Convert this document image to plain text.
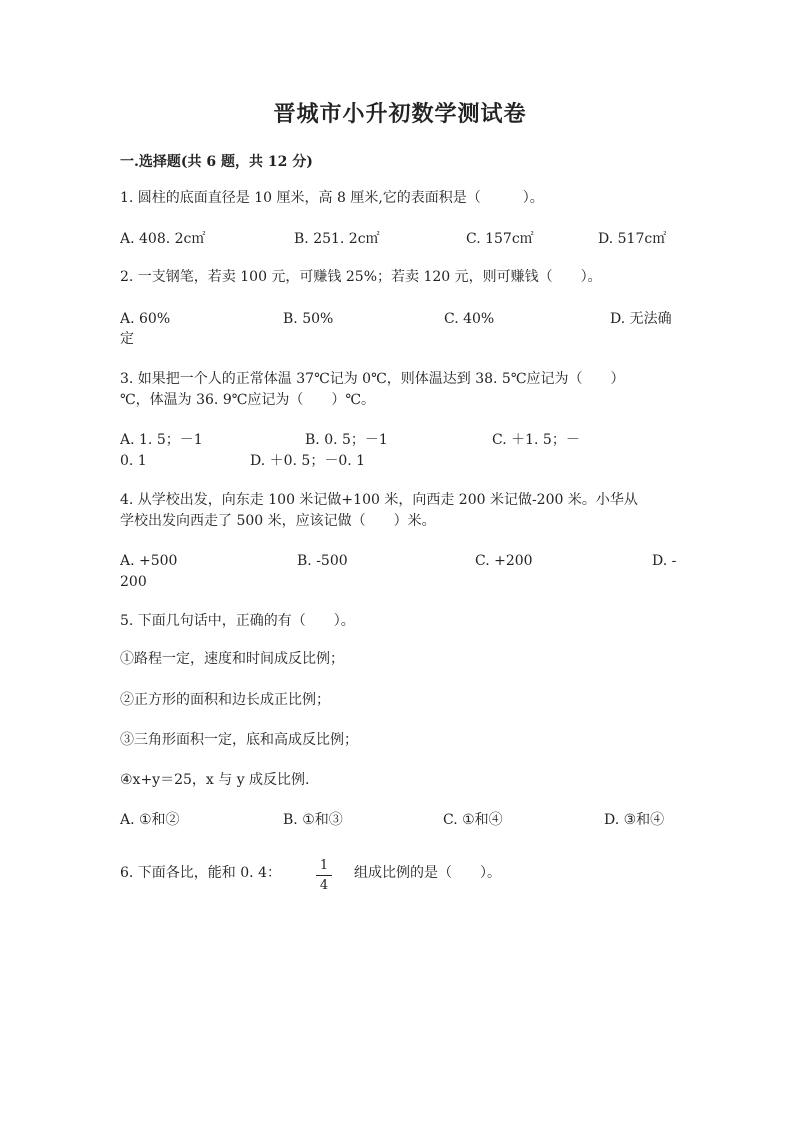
晋城市小升初数学测试卷
一.选择题(共 6 题，共 12 分)
1. 圆柱的底面直径是 10 厘米，高 8 厘米,它的表面积是（　　　）。
A. 408. 2c㎡	B. 251. 2c㎡	C. 157c㎡	D. 517c㎡
2. 一支钢笔，若卖 100 元，可赚钱 25%；若卖 120 元，则可赚钱（　　）。
A. 60%	B. 50%	C. 40%	D. 无法确
定
3. 如果把一个人的正常体温 37℃记为 0℃，则体温达到 38. 5℃应记为（　　）
℃，体温为 36. 9℃应记为（　　）℃。
A. 1. 5；－1	B. 0. 5；－1	C. ＋1. 5；－
0. 1	D. ＋0. 5；－0. 1
4. 从学校出发，向东走 100 米记做+100 米，向西走 200 米记做-200 米。小华从
学校出发向西走了 500 米，应该记做（　　）米。
A. +500	B. -500	C. +200	D. -
200
5. 下面几句话中，正确的有（　　）。
①路程一定，速度和时间成反比例；
②正方形的面积和边长成正比例；
③三角形面积一定，底和高成反比例；
④x+y＝25，x 与 y 成反比例.
A. ①和②	B. ①和③	C. ①和④	D. ③和④
6. 下面各比，能和 0. 4：	1
4
组成比例的是（　　）。
